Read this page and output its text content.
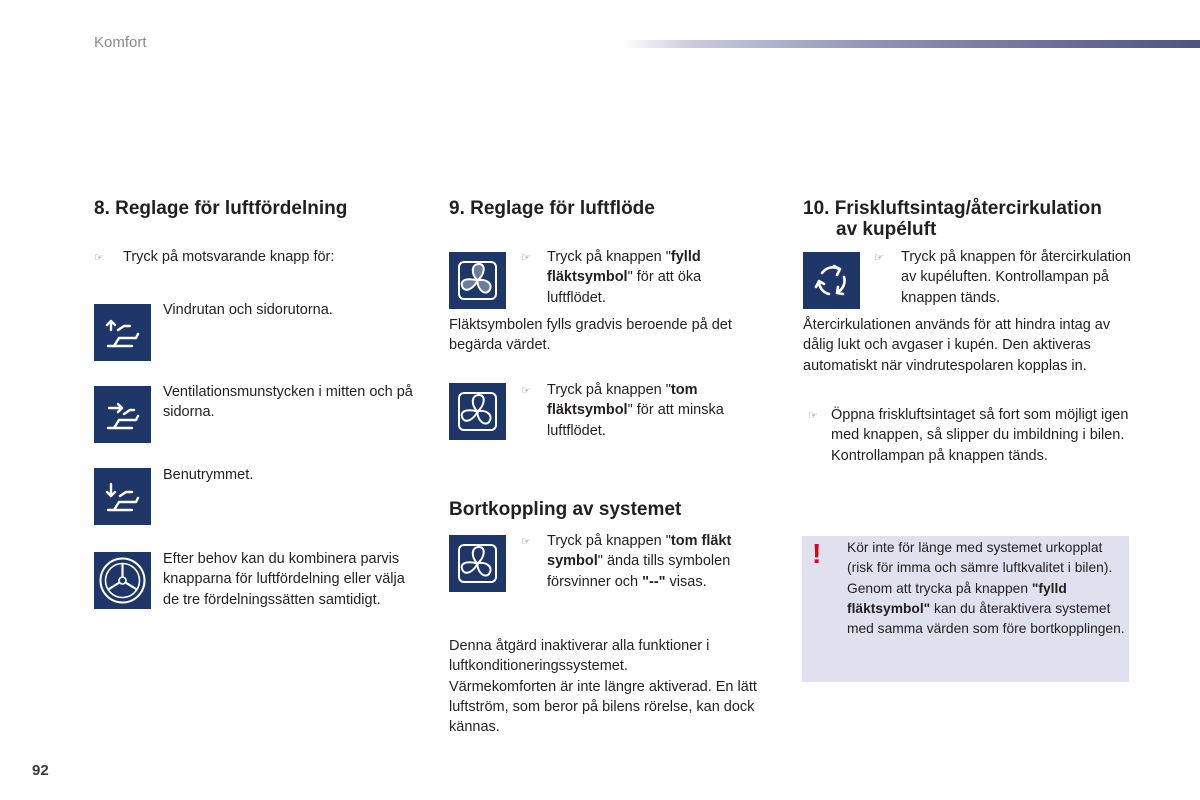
Komfort
8. Reglage för luftfördelning
☞ Tryck på motsvarande knapp för:
Vindrutan och sidorutorna.
Ventilationsmunstycken i mitten och på sidorna.
Benutrymmet.
Efter behov kan du kombinera parvis knapparna för luftfördelning eller välja de tre fördelningssätten samtidigt.
9. Reglage för luftflöde
☞ Tryck på knappen "fylld fläktsymbol" för att öka luftflödet.
Fläktsymbolen fylls gradvis beroende på det begärda värdet.
☞ Tryck på knappen "tom fläktsymbol" för att minska luftflödet.
Bortkoppling av systemet
☞ Tryck på knappen "tom fläkt symbol" ända tills symbolen försvinner och "--" visas.
Denna åtgärd inaktiverar alla funktioner i luftkonditioneringssystemet.
Värmekomforten är inte längre aktiverad. En lätt luftström, som beror på bilens rörelse, kan dock kännas.
10. Friskluftsintag/återcirkulation
av kupéluft
☞ Tryck på knappen för återcirkulation av kupéluften. Kontrollampan på knappen tänds.
Återcirkulationen används för att hindra intag av dålig lukt och avgaser i kupén. Den aktiveras automatiskt när vindrutespolaren kopplas in.
☞ Öppna friskluftsintaget så fort som möjligt igen med knappen, så slipper du imbildning i bilen. Kontrollampan på knappen tänds.
! Kör inte för länge med systemet urkopplat (risk för imma och sämre luftkvalitet i bilen). Genom att trycka på knappen "fylld fläktsymbol" kan du återaktivera systemet med samma värden som före bortkopplingen.
92
